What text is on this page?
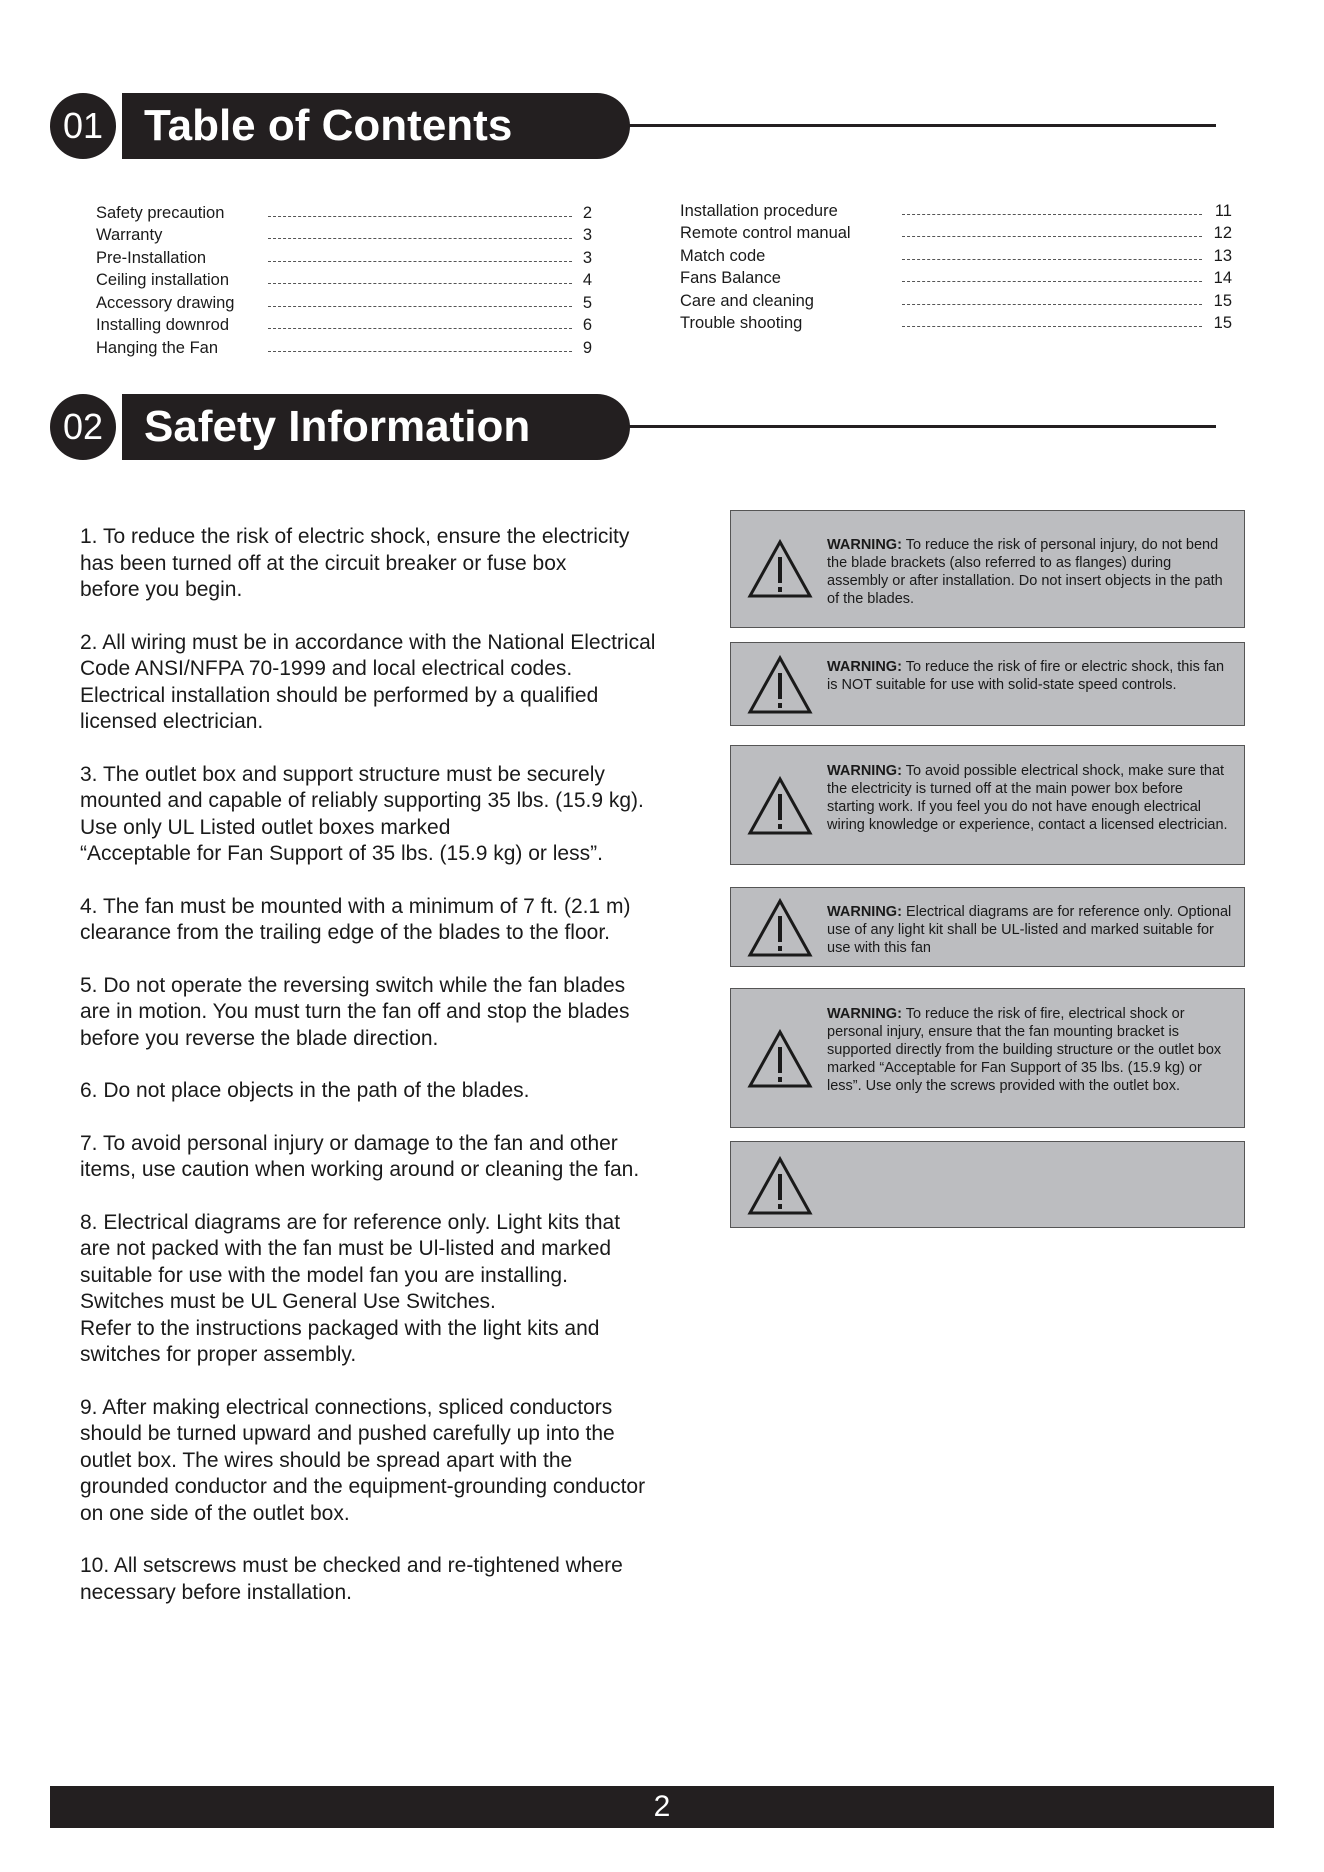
01 Table of Contents
Safety precaution	2
Warranty	3
Pre-Installation	3
Ceiling installation	4
Accessory drawing	5
Installing downrod	6
Hanging the Fan	9
Installation procedure	11
Remote control manual	12
Match code	13
Fans Balance	14
Care and cleaning	15
Trouble shooting	15
02 Safety Information
1. To reduce the risk of electric shock, ensure the electricity
has been turned off at the circuit breaker or fuse box
before you begin.
2. All wiring must be in accordance with the National Electrical
Code ANSI/NFPA 70-1999 and local electrical codes.
Electrical installation should be performed by a qualified
licensed electrician.
3. The outlet box and support structure must be securely
mounted and capable of reliably supporting 35 lbs. (15.9 kg).
Use only UL Listed outlet boxes marked
“Acceptable for Fan Support of 35 lbs. (15.9 kg) or less”.
4. The fan must be mounted with a minimum of 7 ft. (2.1 m)
clearance from the trailing edge of the blades to the floor.
5. Do not operate the reversing switch while the fan blades
are in motion. You must turn the fan off and stop the blades
before you reverse the blade direction.
6. Do not place objects in the path of the blades.
7. To avoid personal injury or damage to the fan and other
items, use caution when working around or cleaning the fan.
8. Electrical diagrams are for reference only. Light kits that
are not packed with the fan must be Ul-listed and marked
suitable for use with the model fan you are installing.
Switches must be UL General Use Switches.
Refer to the instructions packaged with the light kits and
switches for proper assembly.
9. After making electrical connections, spliced conductors
should be turned upward and pushed carefully up into the
outlet box. The wires should be spread apart with the
grounded conductor and the equipment-grounding conductor
on one side of the outlet box.
10. All setscrews must be checked and re-tightened where
necessary before installation.
WARNING: To reduce the risk of personal injury, do not bend the blade brackets (also referred to as flanges) during assembly or after installation. Do not insert objects in the path of the blades.
WARNING: To reduce the risk of fire or electric shock, this fan is NOT suitable for use with solid-state speed controls.
WARNING: To avoid possible electrical shock, make sure that the electricity is turned off at the main power box before starting work. If you feel you do not have enough electrical wiring knowledge or experience, contact a licensed electrician.
WARNING: Electrical diagrams are for reference only. Optional use of any light kit shall be UL-listed and marked suitable for use with this fan
WARNING: To reduce the risk of fire, electrical shock or personal injury, ensure that the fan mounting bracket is supported directly from the building structure or the outlet box marked “Acceptable for Fan Support of 35 lbs. (15.9 kg) or less”. Use only the screws provided with the outlet box.
2
